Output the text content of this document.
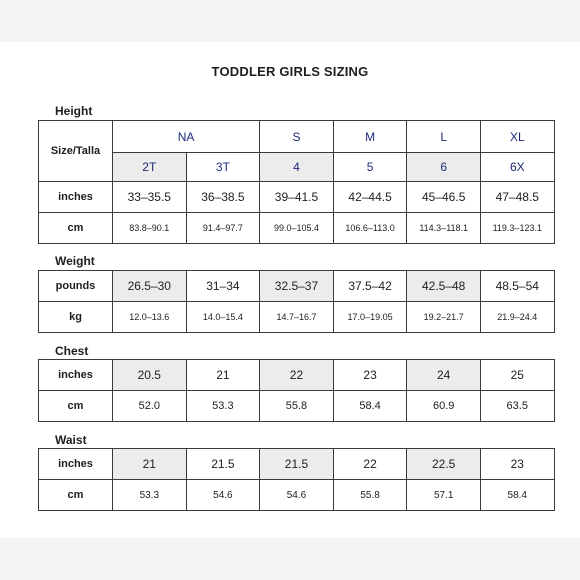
TODDLER GIRLS SIZING
Height
Size/Talla	NA		S	M	L	XL
	2T	3T	4	5	6	6X
inches	33–35.5	36–38.5	39–41.5	42–44.5	45–46.5	47–48.5
cm	83.8–90.1	91.4–97.7	99.0–105.4	106.6–113.0	114.3–118.1	119.3–123.1
Weight
pounds	26.5–30	31–34	32.5–37	37.5–42	42.5–48	48.5–54
kg	12.0–13.6	14.0–15.4	14.7–16.7	17.0–19.05	19.2–21.7	21.9–24.4
Chest
inches	20.5	21	22	23	24	25
cm	52.0	53.3	55.8	58.4	60.9	63.5
Waist
inches	21	21.5	21.5	22	22.5	23
cm	53.3	54.6	54.6	55.8	57.1	58.4
